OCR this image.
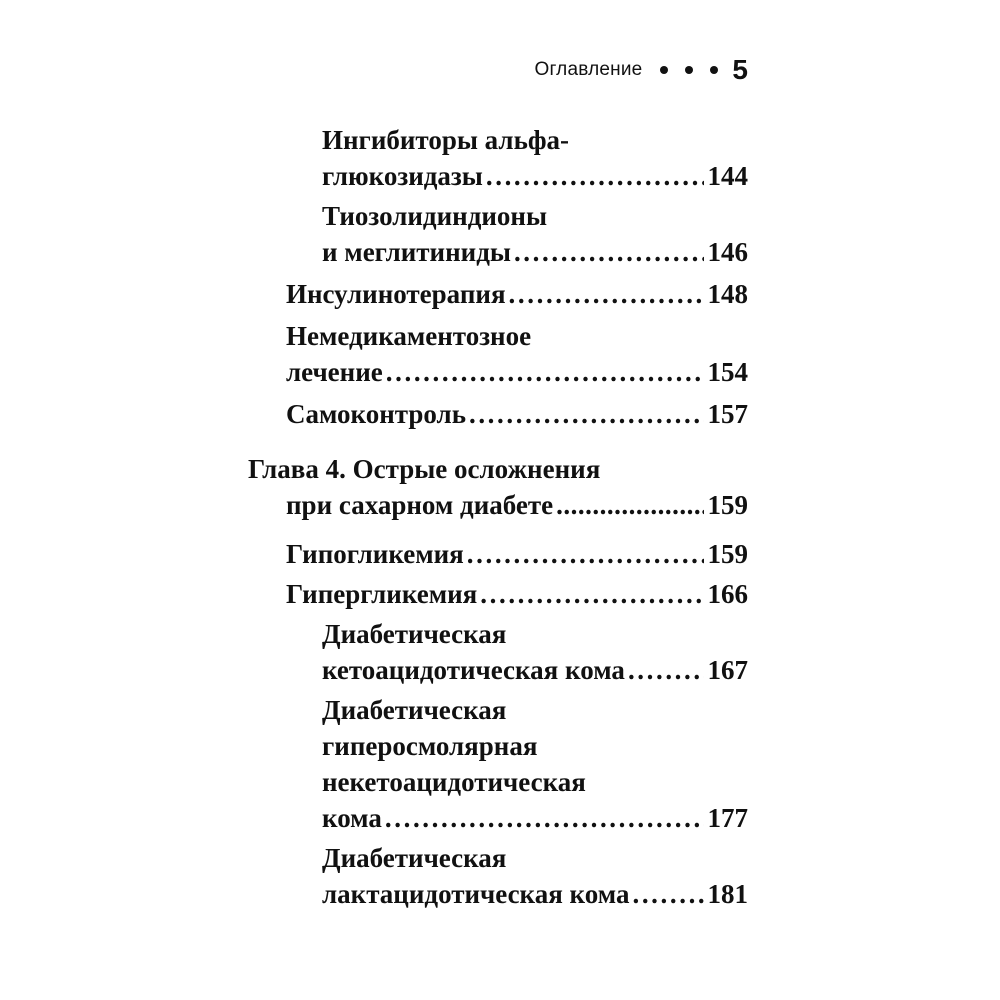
Оглавление	5
Ингибиторы альфа-
глюкозидазы .....	144
Тиозолидиндионы
и меглитиниды .....	146
Инсулинотерапия .....	148
Немедикаментозное
лечение .....	154
Самоконтроль .....	157
Глава 4. Острые осложнения
при сахарном диабете .....	159
Гипогликемия .....	159
Гипергликемия .....	166
Диабетическая
кетоацидотическая кома .....	167
Диабетическая
гиперосмолярная
некетоацидотическая
кома .....	177
Диабетическая
лактацидотическая кома .....	181
